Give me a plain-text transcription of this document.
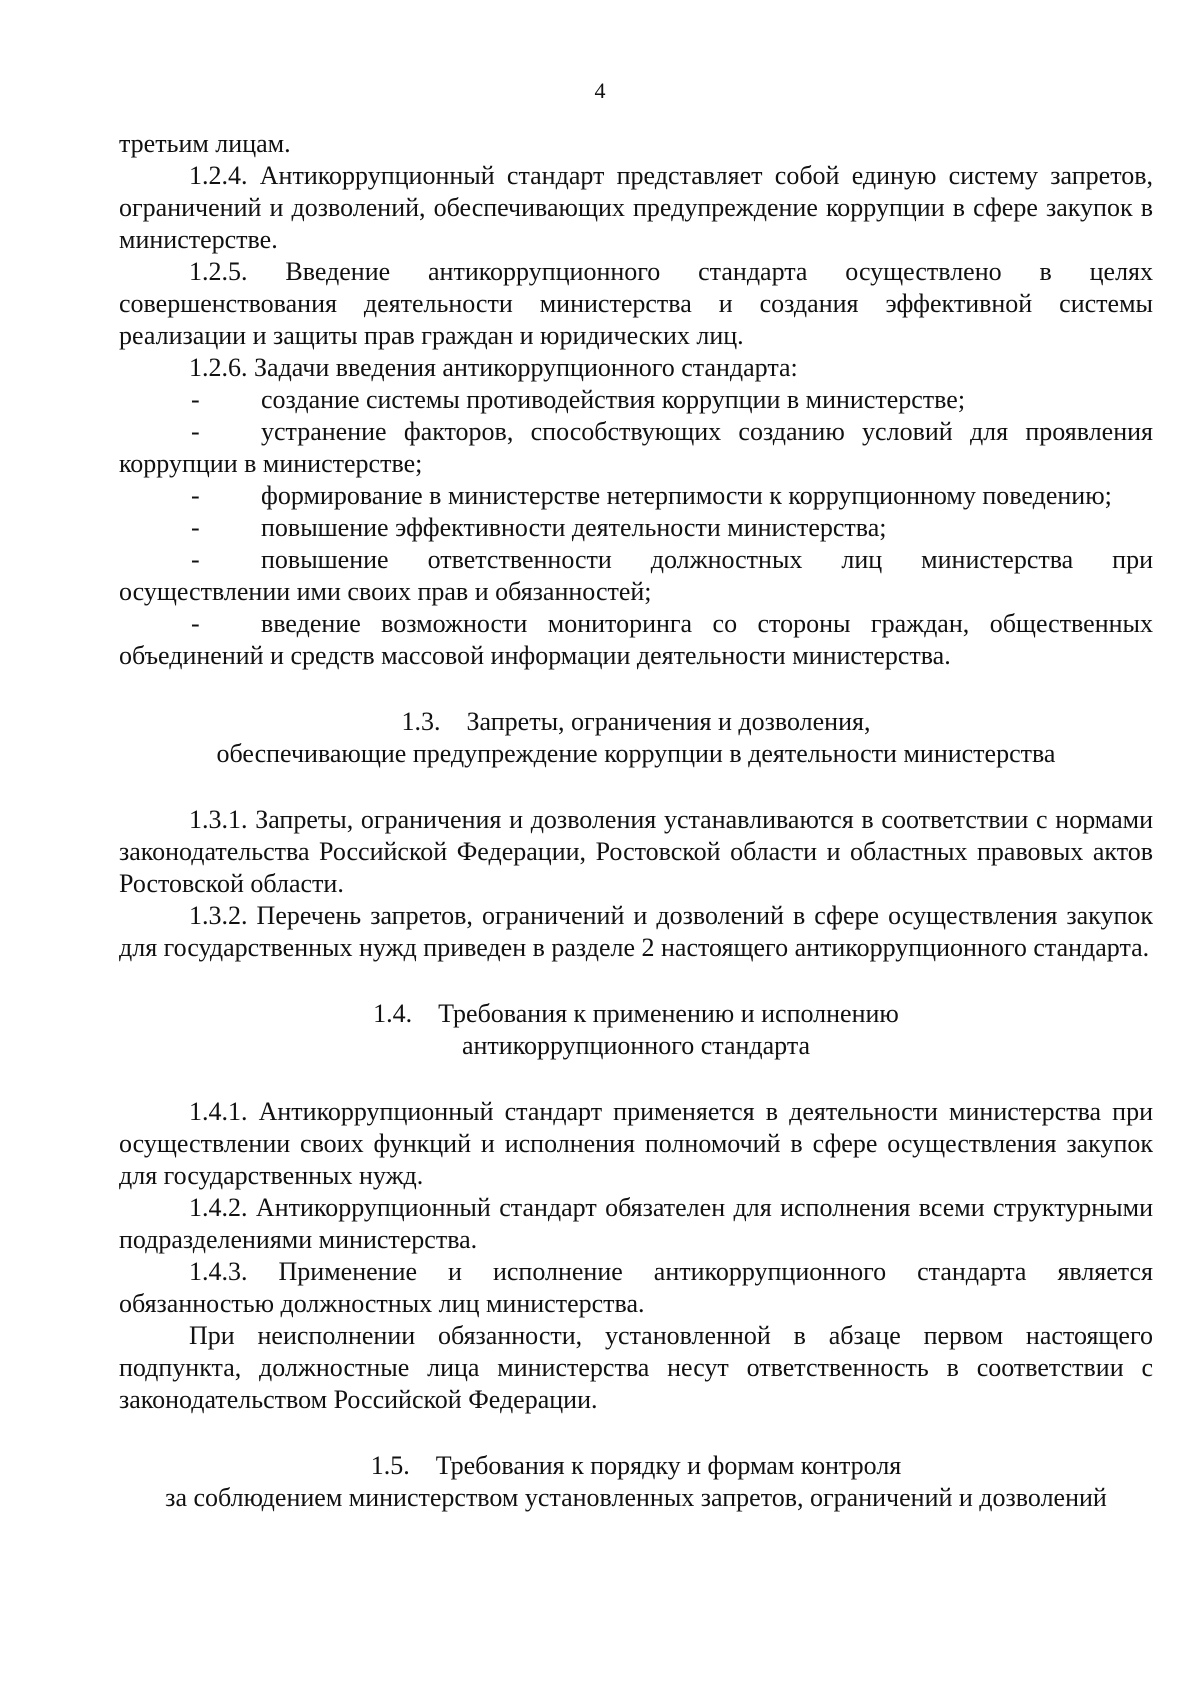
4

третьим лицам.

1.2.4. Антикоррупционный стандарт представляет собой единую систему запретов, ограничений и дозволений, обеспечивающих предупреждение коррупции в сфере закупок в министерстве.

1.2.5. Введение антикоррупционного стандарта осуществлено в целях совершенствования деятельности министерства и создания эффективной системы реализации и защиты прав граждан и юридических лиц.

1.2.6. Задачи введения антикоррупционного стандарта:

- создание системы противодействия коррупции в министерстве;

- устранение факторов, способствующих созданию условий для проявления коррупции в министерстве;

- формирование в министерстве нетерпимости к коррупционному поведению;

- повышение эффективности деятельности министерства;

- повышение ответственности должностных лиц министерства при осуществлении ими своих прав и обязанностей;

- введение возможности мониторинга со стороны граждан, общественных объединений и средств массовой информации деятельности министерства.

1.3. Запреты, ограничения и дозволения,
обеспечивающие предупреждение коррупции в деятельности министерства

1.3.1. Запреты, ограничения и дозволения устанавливаются в соответствии с нормами законодательства Российской Федерации, Ростовской области и областных правовых актов Ростовской области.

1.3.2. Перечень запретов, ограничений и дозволений в сфере осуществления закупок для государственных нужд приведен в разделе 2 настоящего антикоррупционного стандарта.

1.4. Требования к применению и исполнению
антикоррупционного стандарта

1.4.1. Антикоррупционный стандарт применяется в деятельности министерства при осуществлении своих функций и исполнения полномочий в сфере осуществления закупок для государственных нужд.

1.4.2. Антикоррупционный стандарт обязателен для исполнения всеми структурными подразделениями министерства.

1.4.3. Применение и исполнение антикоррупционного стандарта является обязанностью должностных лиц министерства.

При неисполнении обязанности, установленной в абзаце первом настоящего подпункта, должностные лица министерства несут ответственность в соответствии с законодательством Российской Федерации.

1.5. Требования к порядку и формам контроля
за соблюдением министерством установленных запретов, ограничений и дозволений
